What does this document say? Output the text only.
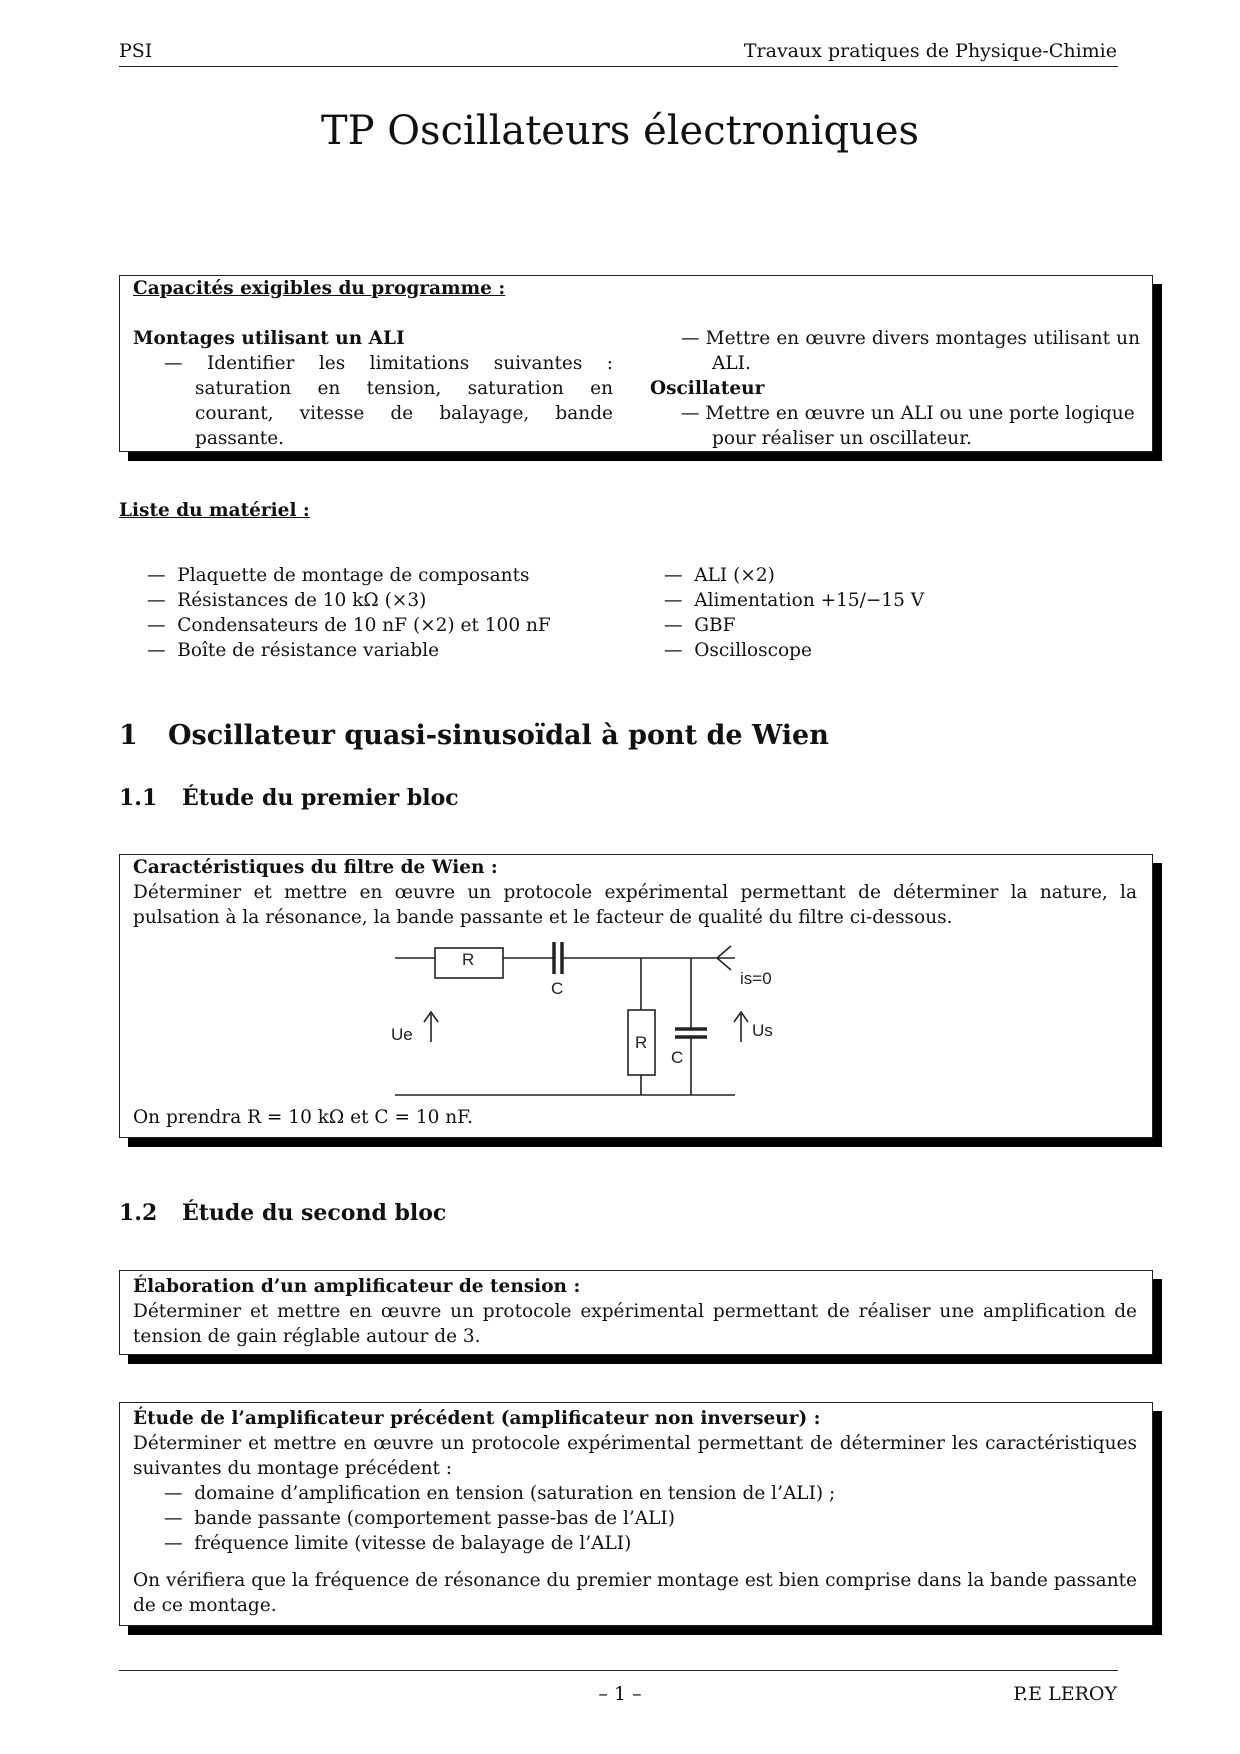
PSI	Travaux pratiques de Physique-Chimie
TP Oscillateurs électroniques
Capacités exigibles du programme :
Montages utilisant un ALI
— Identifier les limitations suivantes : saturation en tension, saturation en courant, vitesse de balayage, bande passante.
— Mettre en œuvre divers montages utilisant un ALI.
Oscillateur
— Mettre en œuvre un ALI ou une porte logique pour réaliser un oscillateur.
Liste du matériel :
— Plaquette de montage de composants
— Résistances de 10 kΩ (×3)
— Condensateurs de 10 nF (×2) et 100 nF
— Boîte de résistance variable
— ALI (×2)
— Alimentation +15/−15 V
— GBF
— Oscilloscope
1 Oscillateur quasi-sinusoïdal à pont de Wien
1.1 Étude du premier bloc
Caractéristiques du filtre de Wien :
Déterminer et mettre en œuvre un protocole expérimental permettant de déterminer la nature, la pulsation à la résonance, la bande passante et le facteur de qualité du filtre ci-dessous.
R
C
R
C
Ue	Us
is=0
On prendra R = 10 kΩ et C = 10 nF.
1.2 Étude du second bloc
Élaboration d’un amplificateur de tension :
Déterminer et mettre en œuvre un protocole expérimental permettant de réaliser une amplification de tension de gain réglable autour de 3.
Étude de l’amplificateur précédent (amplificateur non inverseur) :
Déterminer et mettre en œuvre un protocole expérimental permettant de déterminer les caractéristiques suivantes du montage précédent :
— domaine d’amplification en tension (saturation en tension de l’ALI) ;
— bande passante (comportement passe-bas de l’ALI)
— fréquence limite (vitesse de balayage de l’ALI)
On vérifiera que la fréquence de résonance du premier montage est bien comprise dans la bande passante de ce montage.
– 1 –	P.E LEROY
